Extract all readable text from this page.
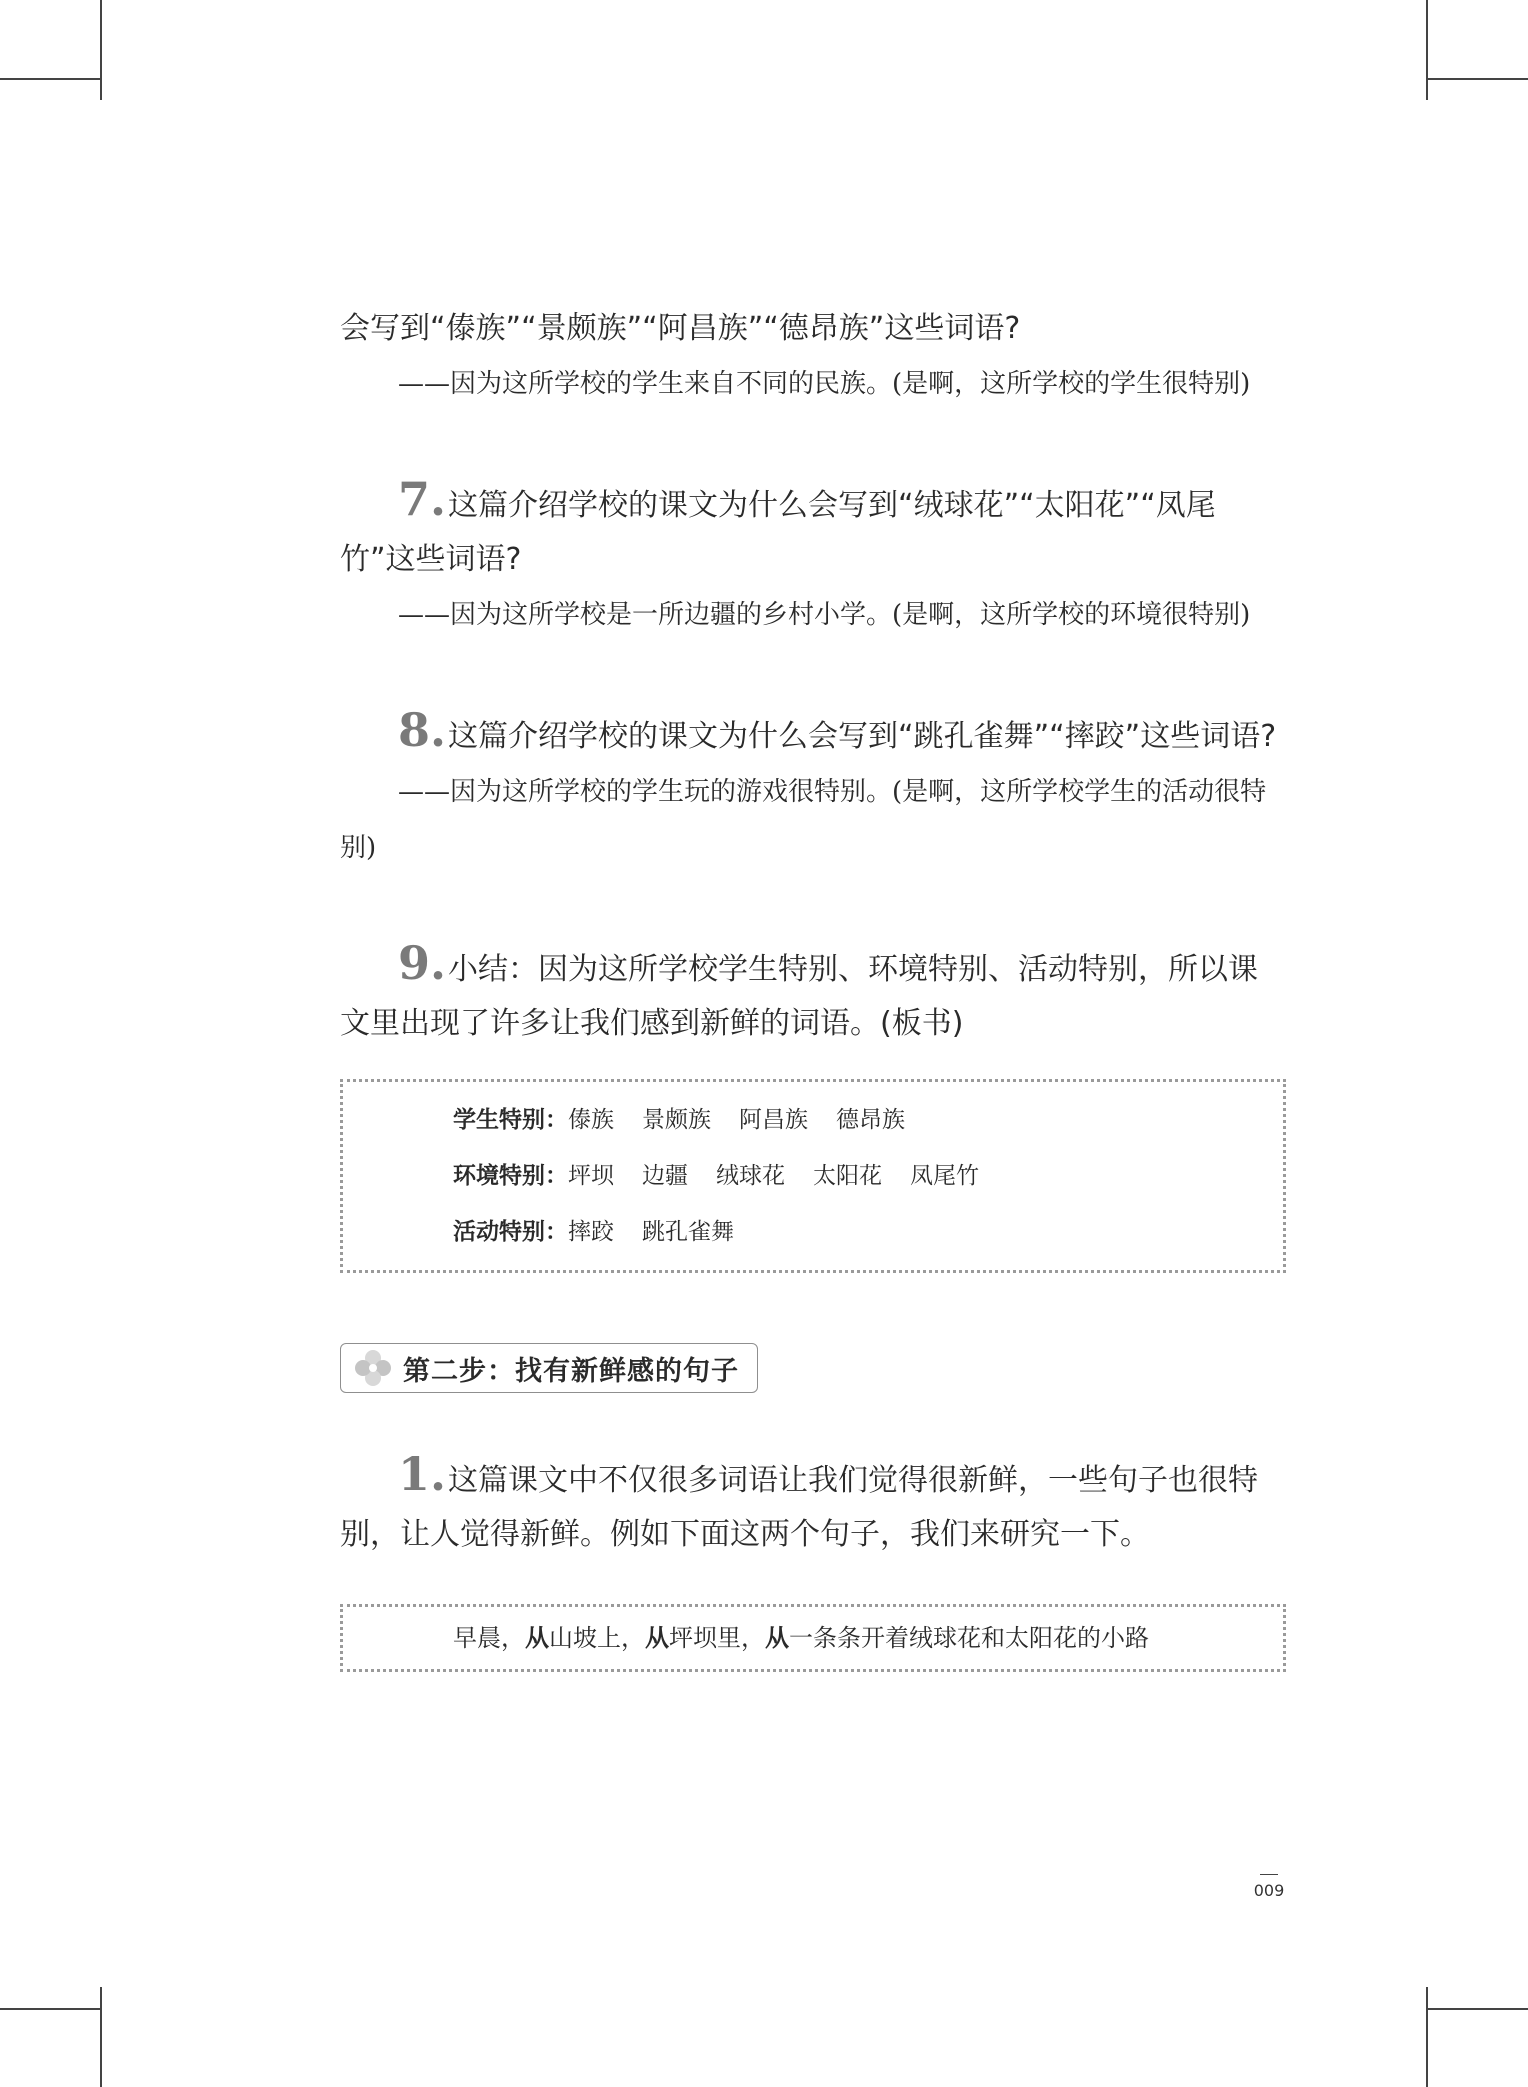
会写到“傣族”“景颇族”“阿昌族”“德昂族”这些词语?

——因为这所学校的学生来自不同的民族。(是啊，这所学校的学生很特别)

7.这篇介绍学校的课文为什么会写到“绒球花”“太阳花”“凤尾竹”这些词语?

——因为这所学校是一所边疆的乡村小学。(是啊，这所学校的环境很特别)

8.这篇介绍学校的课文为什么会写到“跳孔雀舞”“摔跤”这些词语?

——因为这所学校的学生玩的游戏很特别。(是啊，这所学校学生的活动很特别)

9.小结：因为这所学校学生特别、环境特别、活动特别，所以课文里出现了许多让我们感到新鲜的词语。(板书)

学生特别：傣族 景颇族 阿昌族 德昂族
环境特别：坪坝 边疆 绒球花 太阳花 凤尾竹
活动特别：摔跤 跳孔雀舞
第二步：找有新鲜感的句子

1.这篇课文中不仅很多词语让我们觉得很新鲜，一些句子也很特别，让人觉得新鲜。例如下面这两个句子，我们来研究一下。

早晨，从山坡上，从坪坝里，从一条条开着绒球花和太阳花的小路
009
